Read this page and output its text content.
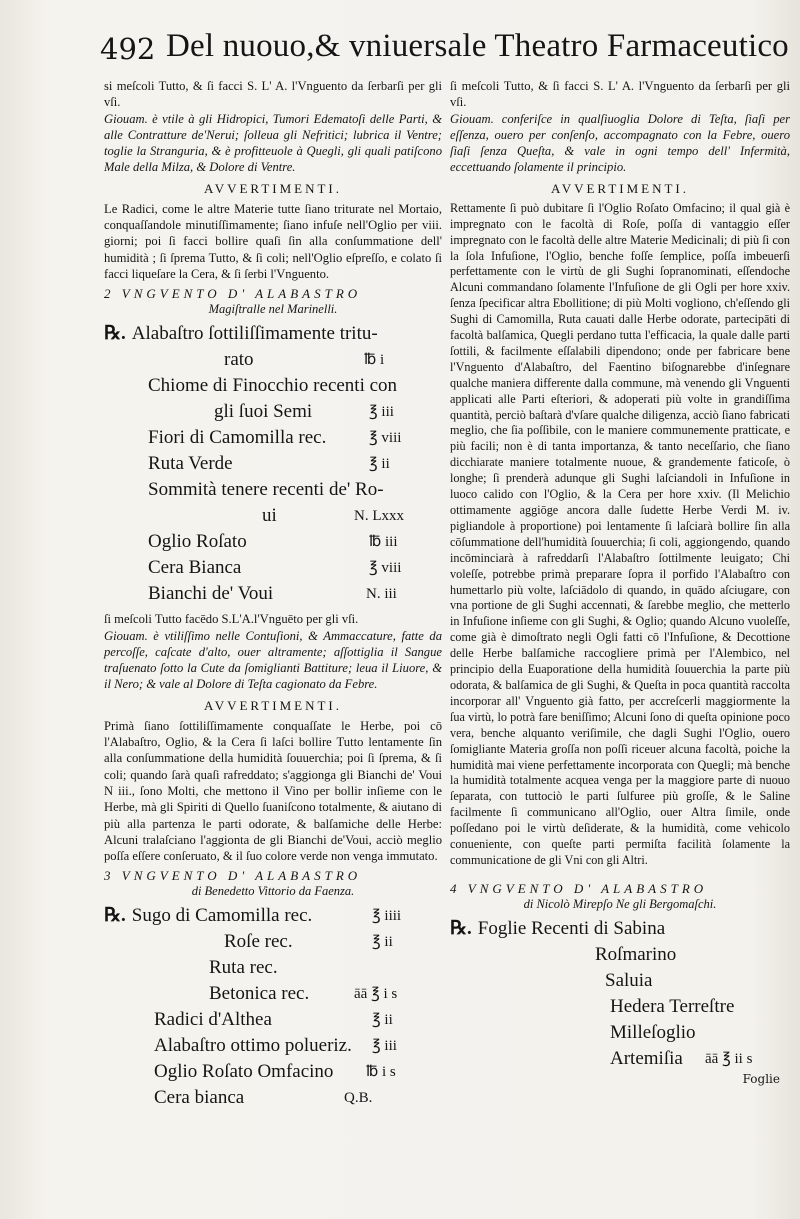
492 Del nuouo,& vniuersale Theatro Farmaceutico

si meſcoli Tutto, & ſi facci S. L' A. l'Vnguento da ſerbarſi per gli vſi.

Giouam. è vtile à gli Hidropici, Tumori Edematoſi delle Parti, & alle Contratture de'Nerui; ſolleua gli Nefritici; lubrica il Ventre; toglie la Stranguria, & è profitteuole à Quegli, gli quali patiſcono Male della Milza, & Dolore di Ventre.

AVVERTIMENTI.

Le Radici, come le altre Materie tutte ſiano triturate nel Mortaio, conquaſſandole minutiſſimamente; ſiano infuſe nell'Oglio per viii. giorni; poi ſi facci bollire quaſi ſin alla conſummatione dell' humidità ; ſi ſprema Tutto, & ſi coli; nell'Oglio eſpreſſo, e colato ſi facci liqueſare la Cera, & ſi ſerbi l'Vnguento.

2 VNGVENTO D' ALABASTRO
Magiſtralle nel Marinelli.
℞. Alabaſtro ſottiliſſimamente tritu-
rato	℔ i
Chiome di Finocchio recenti con
gli ſuoi Semi	℥ iii
Fiori di Camomilla rec.	℥ viii
Ruta Verde	℥ ii
Sommità tenere recenti de' Ro-
ui	N. Lxxx
Oglio Roſato	℔ iii
Cera Bianca	℥ viii
Bianchi de' Voui	N. iii

ſi meſcoli Tutto facēdo S.L'A.l'Vnguēto per gli vſi.

Giouam. è vtiliſſimo nelle Contuſioni, & Ammaccature, fatte da percoſſe, caſcate d'alto, ouer altramente; aſſottiglia il Sangue traſuenato ſotto la Cute da ſomiglianti Battiture; leua il Liuore, & il Nero; & vale al Dolore di Teſta cagionato da Febre.

AVVERTIMENTI.

Primà ſiano ſottiliſſimamente conquaſſate le Herbe, poi cō l'Alabaſtro, Oglio, & la Cera ſi laſci bollire Tutto lentamente ſin alla conſummatione della humidità ſouuerchia; poi ſi ſprema, & ſi coli; quando ſarà quaſi rafreddato; s'aggionga gli Bianchi de' Voui N iii., ſono Molti, che mettono il Vino per bollir inſieme con le Herbe, mà gli Spiriti di Quello ſuaniſcono totalmente, & aiutano di più alla partenza le parti odorate, & balſamiche delle Herbe: Alcuni tralaſciano l'aggionta de gli Bianchi de'Voui, acciò meglio poſſa eſſere conſeruato, & il ſuo colore verde non venga immutato.

3 VNGVENTO D' ALABASTRO
di Benedetto Vittorio da Faenza.
℞. Sugo di Camomilla rec.	℥ iiii
Roſe rec.	℥ ii
Ruta rec.
Betonica rec.	āā ℥ i s
Radici d'Althea	℥ ii
Alabaſtro ottimo polueriz. ℥ iii
Oglio Roſato Omfacino ℔ i s
Cera bianca	Q.B.

ſi meſcoli Tutto, & ſi facci S. L' A. l'Vnguento da ſerbarſi per gli vſi.

Giouam. conferiſce in qualſiuoglia Dolore di Teſta, ſiaſi per eſſenza, ouero per conſenſo, accompagnato con la Febre, ouero ſiaſi ſenza Queſta, & vale in ogni tempo dell' Infermità, eccettuando ſolamente il principio.

AVVERTIMENTI.

Rettamente ſi può dubitare ſi l'Oglio Roſato Omfacino; il qual già è impregnato con le facoltà di Roſe, poſſa di vantaggio eſſer impregnato con le facoltà delle altre Materie Medicinali; di più ſi con la ſola Infuſione, l'Oglio, benche foſſe ſemplice, poſſa imbeuerſi perfettamente con le virtù de gli Sughi ſopranominati, eſſendoche Alcuni commandano ſolamente l'Infuſione de gli Ogli per hore xxiv. ſenza ſpecificar altra Ebollitione; di più Molti vogliono, ch'eſſendo gli Sughi di Camomilla, Ruta cauati dalle Herbe odorate, partecipāti di facoltà balſamica, Quegli perdano tutta l'efficacia, la quale dalle parti ſottili, & facilmente eſſalabili dipendono; onde per fabricare bene l'Vnguento d'Alabaſtro, del Faentino biſognarebbe d'inſegnare qualche maniera differente dalla commune, mà venendo gli Vnguenti applicati alle Parti eſteriori, & adoperati più volte in grandiſſima quantità, perciò baſtarà d'vſare qualche diligenza, acciò ſiano fabricati meglio, che ſia poſſibile, con le maniere communemente pratticate, e più facili; non è di tanta importanza, & tanto neceſſario, che ſiano dicchiarate maniere totalmente nuoue, & grandemente faticoſe, ò longhe; ſi prenderà adunque gli Sughi laſciandoli in Infuſione in luoco calido con l'Oglio, & la Cera per hore xxiv. (Il Melichio ottimamente aggiōge ancora dalle ſudette Herbe Verdi M. iv. pigliandole à proportione) poi lentamente ſi laſciarà bollire ſin alla cōſummatione dell'humidità ſouuerchia; ſi coli, aggiongendo, quando incōminciarà à rafreddarſi l'Alabaſtro ſottilmente leuigato; Chi voleſſe, potrebbe primà preparare ſopra il porfido l'Alabaſtro con humettarlo più volte, laſciādolo di quando, in quādo aſciugare, con vna portione de gli Sughi accennati, & ſarebbe meglio, che metterlo in Infuſione inſieme con gli Sughi, & Oglio; quando Alcuno vuoleſſe, come già è dimoſtrato negli Ogli fatti cō l'Infuſione, & Decottione delle Herbe balſamiche raccogliere primà per l'Alembico, nel principio della Euaporatione della humidità ſouuerchia la parte più odorata, & balſamica de gli Sughi, & Queſta in poca quantità raccolta incorporar all' Vnguento già fatto, per accreſcerli maggiormente la ſua virtù, lo potrà fare beniſſimo; Alcuni ſono di queſta opinione poco vera, benche alquanto veriſimile, che dagli Sughi l'Oglio, ouero ſomigliante Materia groſſa non poſſi riceuer alcuna facoltà, poiche la humidità mai viene perfettamente incorporata con Quegli; mà benche la humidità totalmente acquea venga per la maggiore parte di nuouo ſeparata, con tuttociò le parti ſulfuree più groſſe, & le Saline facilmente ſi communicano all'Oglio, ouer Altra ſimile, onde poſſedano poi le virtù deſiderate, & la humidità, come vehicolo conueniente, con queſte parti permiſta facilità ſolamente la communicatione de gli Vni con gli Altri.

4 VNGVENTO D' ALABASTRO
di Nicolò Mirepſo Ne gli Bergomaſchi.
℞. Foglie Recenti di Sabina
Roſmarino
Saluia
Hedera Terreſtre
Milleſoglio
Artemiſia āā ℥ ii s
Foglie
